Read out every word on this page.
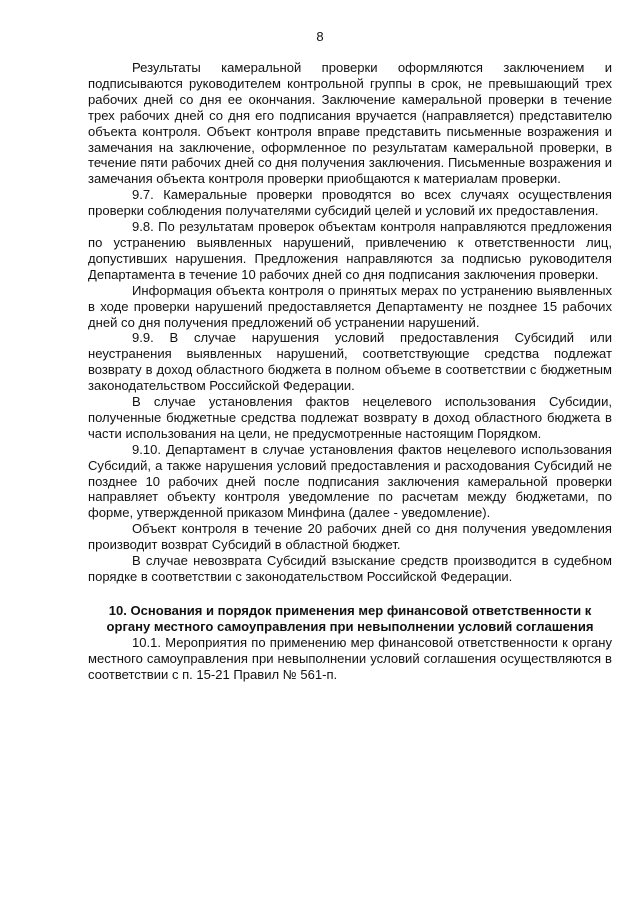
8

Результаты камеральной проверки оформляются заключением и подписываются руководителем контрольной группы в срок, не превышающий трех рабочих дней со дня ее окончания. Заключение камеральной проверки в течение трех рабочих дней со дня его подписания вручается (направляется) представителю объекта контроля. Объект контроля вправе представить письменные возражения и замечания на заключение, оформленное по результатам камеральной проверки, в течение пяти рабочих дней со дня получения заключения. Письменные возражения и замечания объекта контроля проверки приобщаются к материалам проверки.

9.7. Камеральные проверки проводятся во всех случаях осуществления проверки соблюдения получателями субсидий целей и условий их предоставления.

9.8. По результатам проверок объектам контроля направляются предложения по устранению выявленных нарушений, привлечению к ответственности лиц, допустивших нарушения. Предложения направляются за подписью руководителя Департамента в течение 10 рабочих дней со дня подписания заключения проверки.

Информация объекта контроля о принятых мерах по устранению выявленных в ходе проверки нарушений предоставляется Департаменту не позднее 15 рабочих дней со дня получения предложений об устранении нарушений.

9.9. В случае нарушения условий предоставления Субсидий или неустранения выявленных нарушений, соответствующие средства подлежат возврату в доход областного бюджета в полном объеме в соответствии с бюджетным законодательством Российской Федерации.

В случае установления фактов нецелевого использования Субсидии, полученные бюджетные средства подлежат возврату в доход областного бюджета в части использования на цели, не предусмотренные настоящим Порядком.

9.10. Департамент в случае установления фактов нецелевого использования Субсидий, а также нарушения условий предоставления и расходования Субсидий не позднее 10 рабочих дней после подписания заключения камеральной проверки направляет объекту контроля уведомление по расчетам между бюджетами, по форме, утвержденной приказом Минфина (далее - уведомление).

Объект контроля в течение 20 рабочих дней со дня получения уведомления производит возврат Субсидий в областной бюджет.

В случае невозврата Субсидий взыскание средств производится в судебном порядке в соответствии с законодательством Российской Федерации.

10. Основания и порядок применения мер финансовой ответственности к органу местного самоуправления при невыполнении условий соглашения

10.1. Мероприятия по применению мер финансовой ответственности к органу местного самоуправления при невыполнении условий соглашения осуществляются в соответствии с п. 15-21 Правил № 561-п.
